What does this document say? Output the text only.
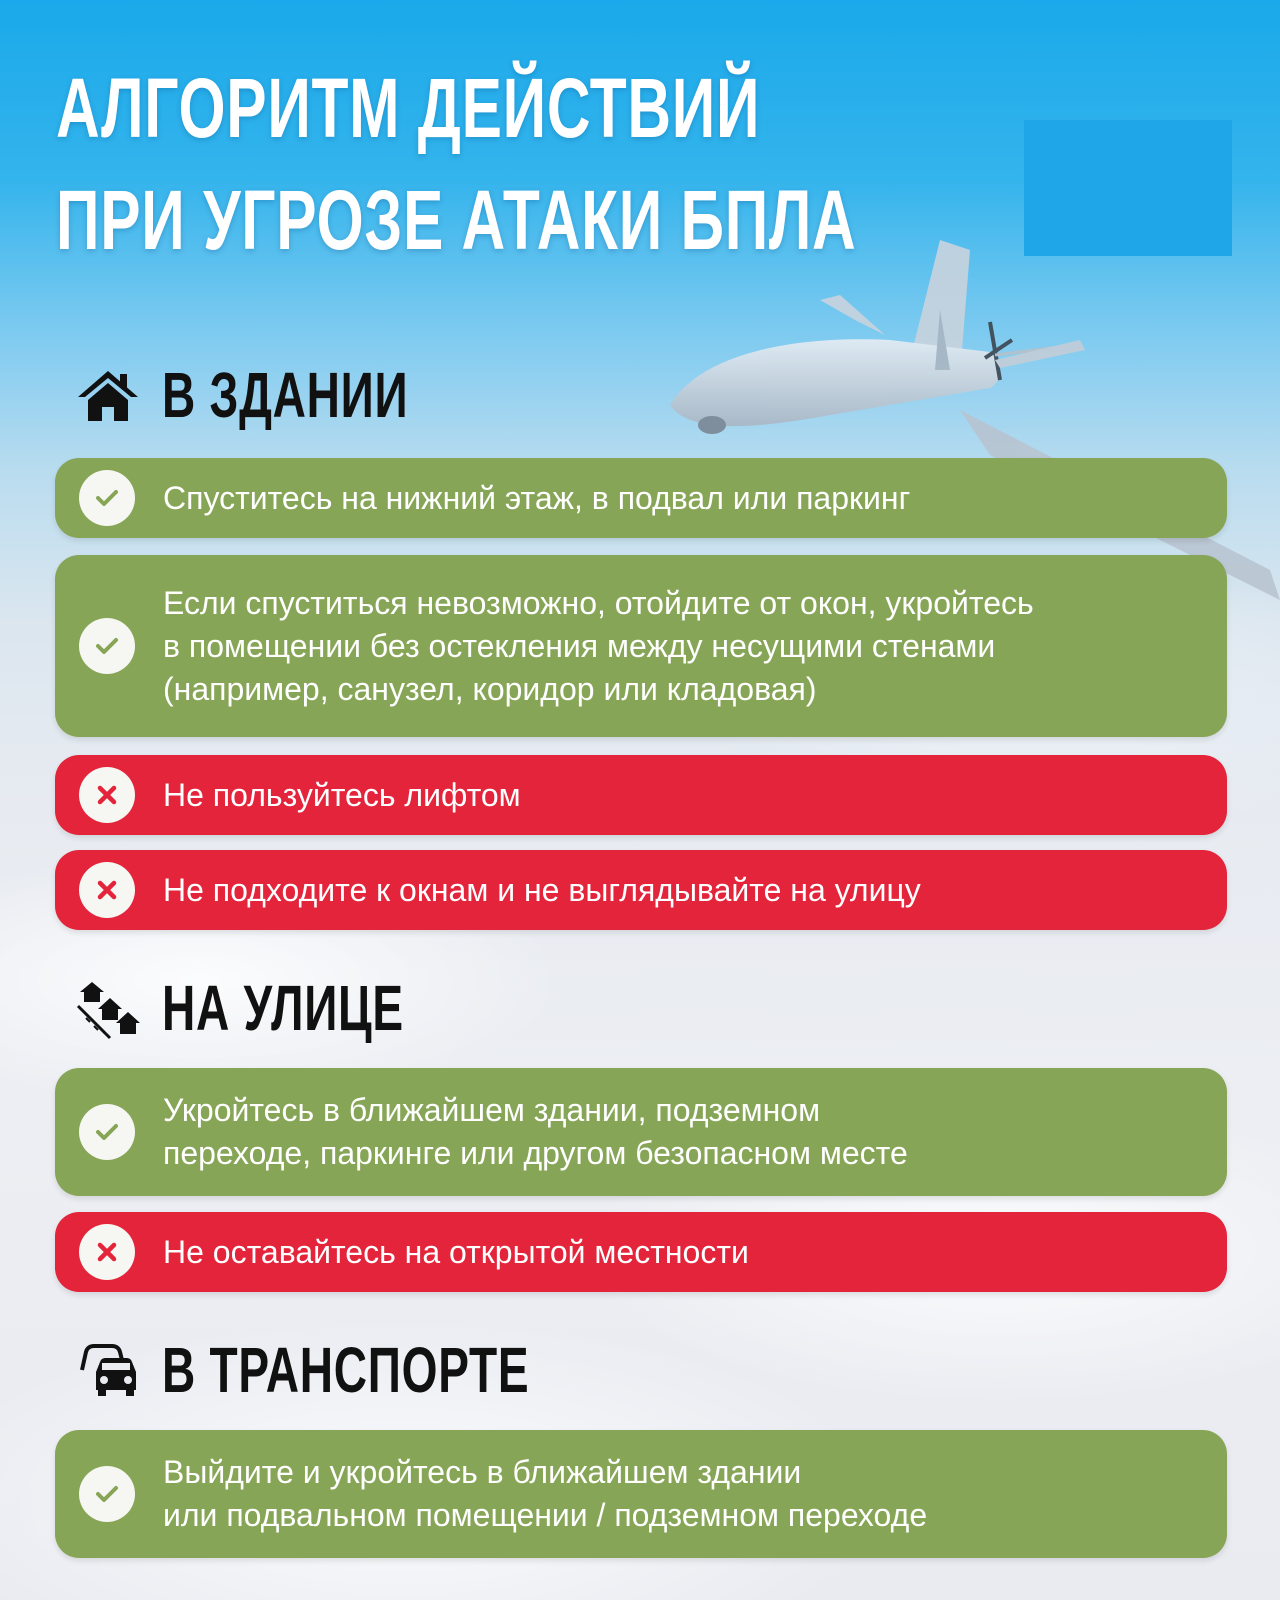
АЛГОРИТМ ДЕЙСТВИЙ
ПРИ УГРОЗЕ АТАКИ БПЛА
В ЗДАНИИ
Спуститесь на нижний этаж, в подвал или паркинг
Если спуститься невозможно, отойдите от окон, укройтесь
в помещении без остекления между несущими стенами
(например, санузел, коридор или кладовая)
Не пользуйтесь лифтом
Не подходите к окнам и не выглядывайте на улицу
НА УЛИЦЕ
Укройтесь в ближайшем здании, подземном
переходе, паркинге или другом безопасном месте
Не оставайтесь на открытой местности
В ТРАНСПОРТЕ
Выйдите и укройтесь в ближайшем здании
или подвальном помещении / подземном переходе
